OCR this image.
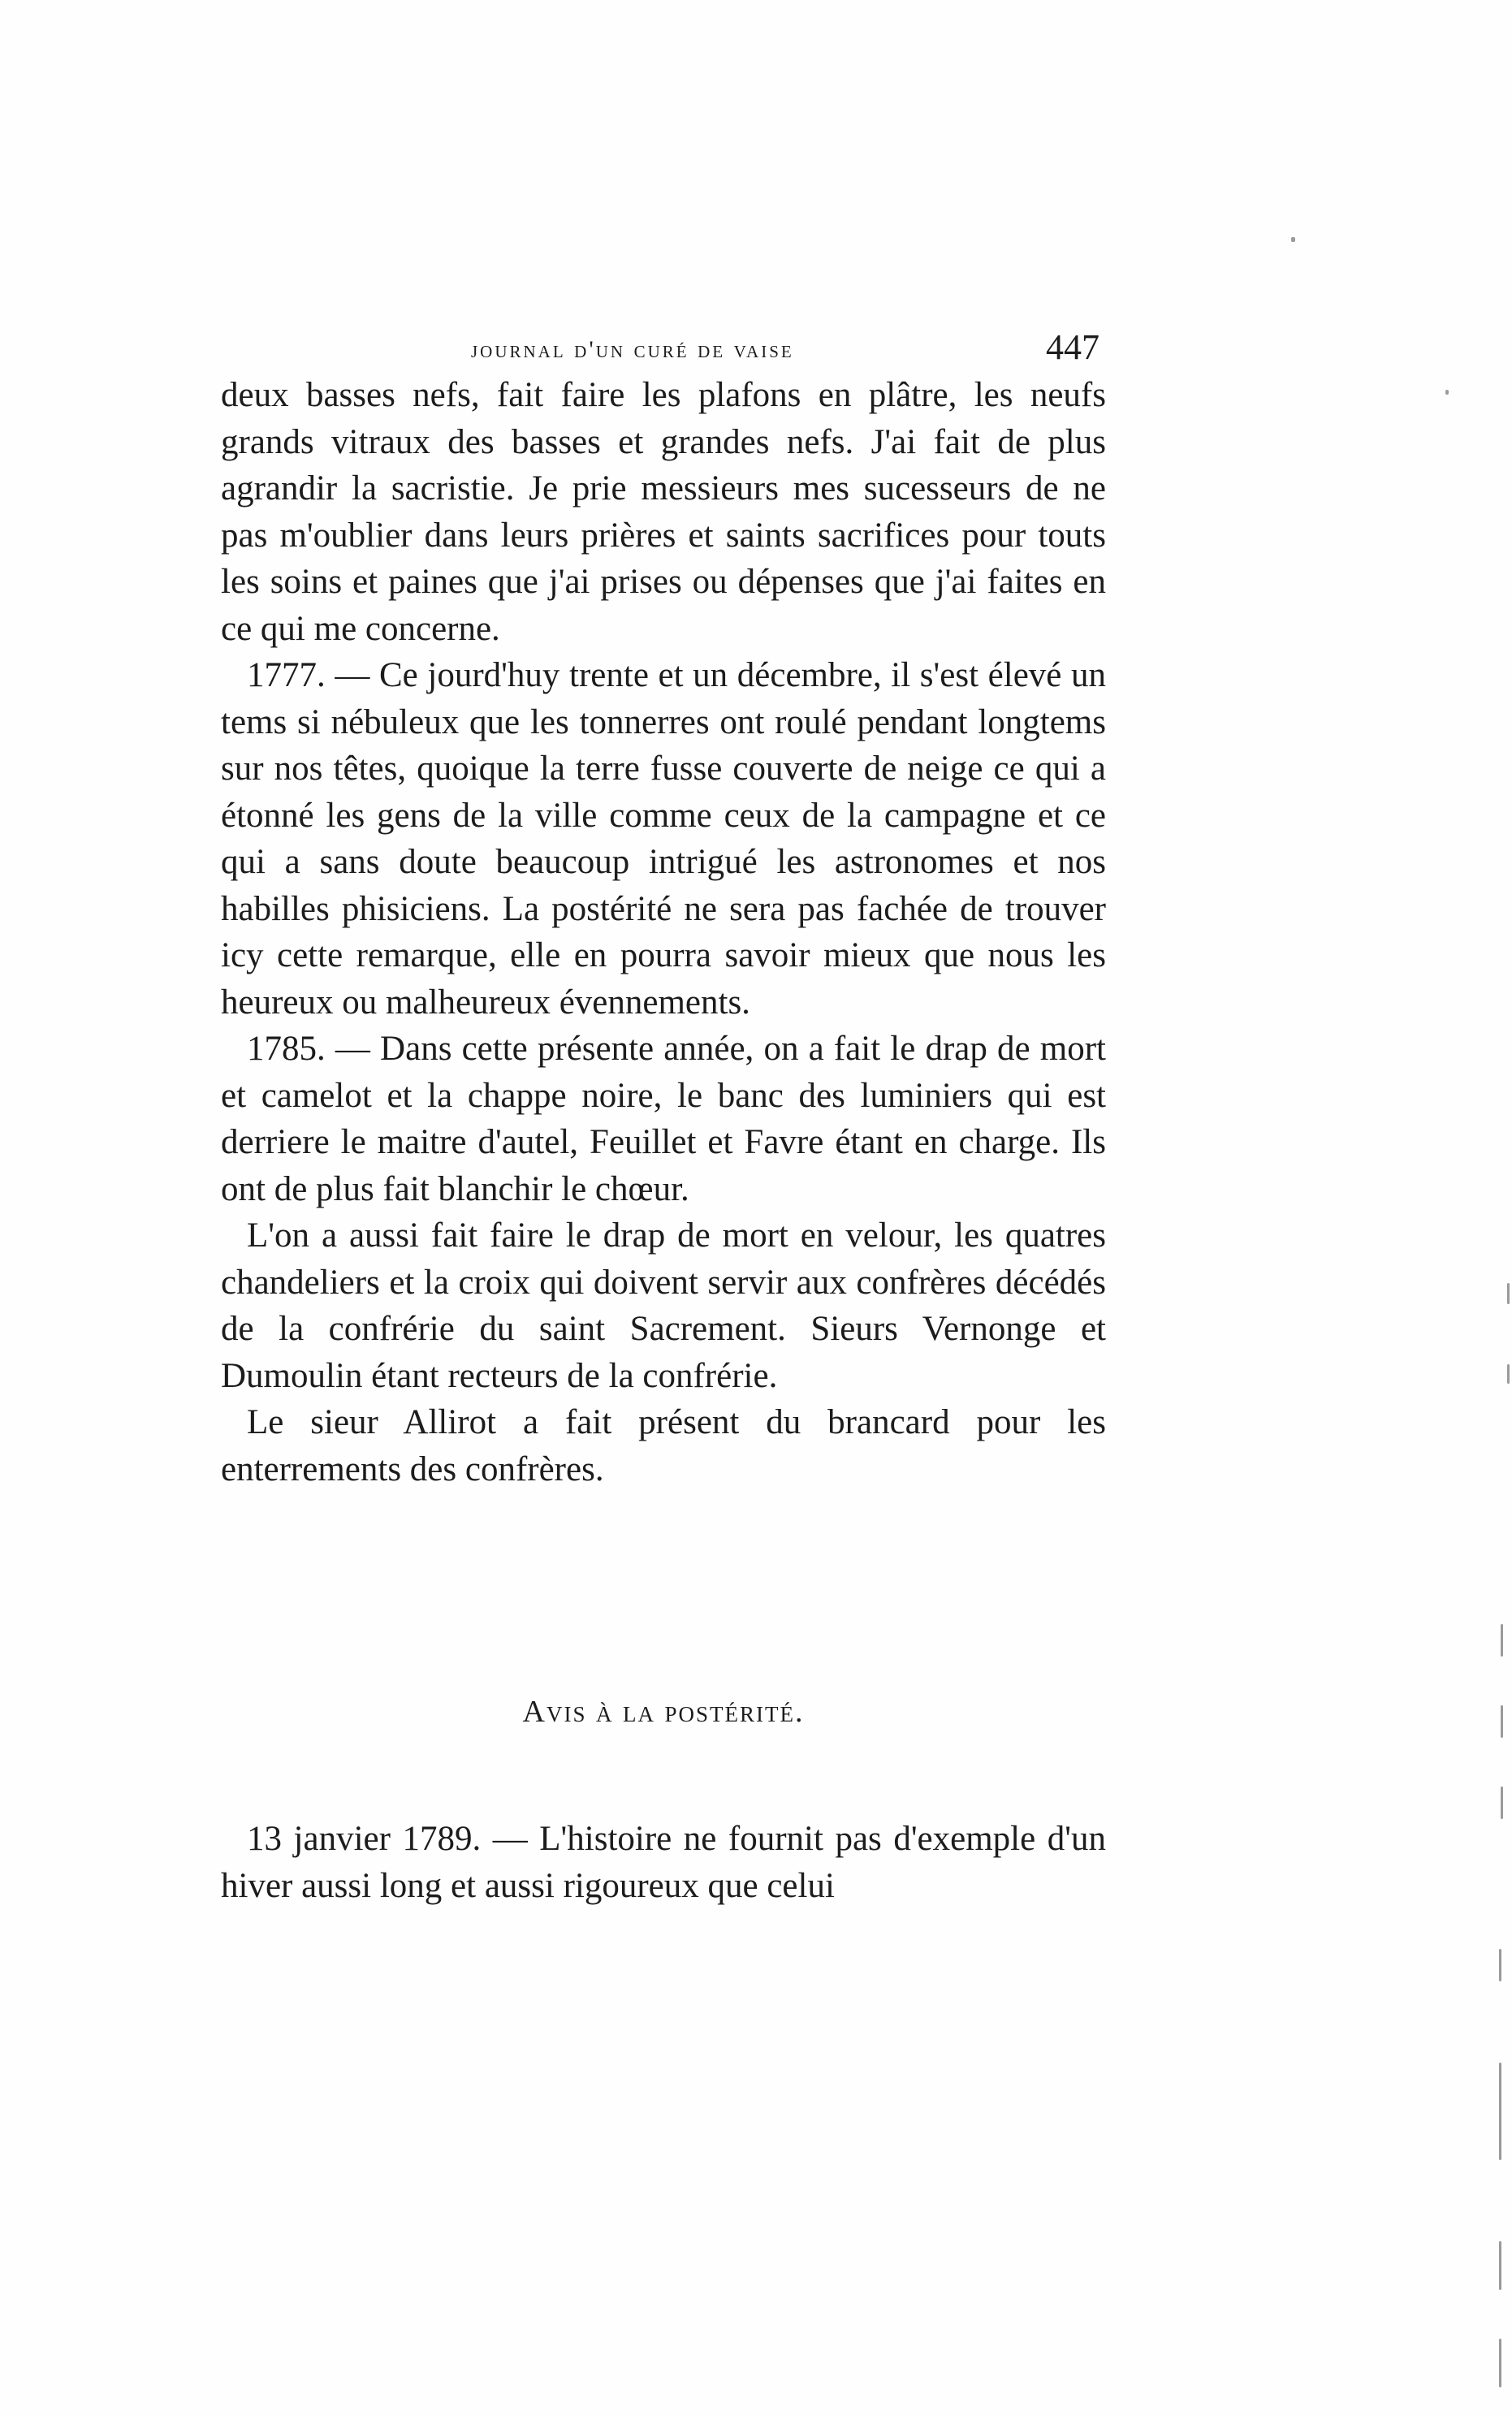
journal d'un curé de vaise	447

deux basses nefs, fait faire les plafons en plâtre, les neufs grands vitraux des basses et grandes nefs. J'ai fait de plus agrandir la sacristie. Je prie messieurs mes sucesseurs de ne pas m'oublier dans leurs prières et saints sacrifices pour touts les soins et paines que j'ai prises ou dépenses que j'ai faites en ce qui me concerne.

1777. — Ce jourd'huy trente et un décembre, il s'est élevé un tems si nébuleux que les tonnerres ont roulé pendant longtems sur nos têtes, quoique la terre fusse couverte de neige ce qui a étonné les gens de la ville comme ceux de la campagne et ce qui a sans doute beaucoup intrigué les astronomes et nos habilles phisiciens. La postérité ne sera pas fachée de trouver icy cette remarque, elle en pourra savoir mieux que nous les heureux ou malheureux évennements.

1785. — Dans cette présente année, on a fait le drap de mort et camelot et la chappe noire, le banc des luminiers qui est derriere le maitre d'autel, Feuillet et Favre étant en charge. Ils ont de plus fait blanchir le chœur.

L'on a aussi fait faire le drap de mort en velour, les quatres chandeliers et la croix qui doivent servir aux confrères décédés de la confrérie du saint Sacrement. Sieurs Vernonge et Dumoulin étant recteurs de la confrérie.

Le sieur Allirot a fait présent du brancard pour les enterrements des confrères.

Avis à la postérité.

13 janvier 1789. — L'histoire ne fournit pas d'exemple d'un hiver aussi long et aussi rigoureux que celui
